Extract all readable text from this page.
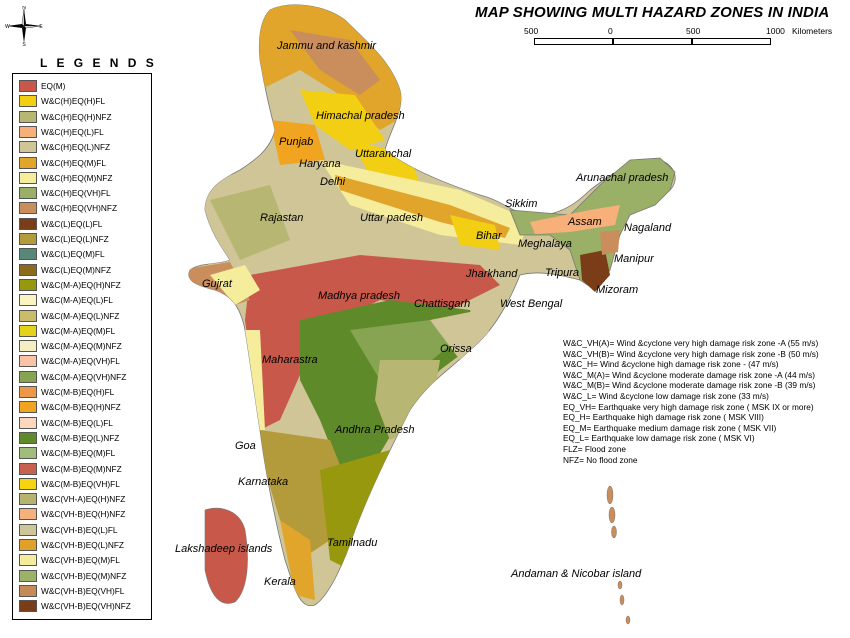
MAP SHOWING MULTI HAZARD ZONES IN INDIA
N
E
S
W	500	0	500	1000 Kilometers
L E G E N D S
EQ(M)
W&C(H)EQ(H)FL
W&C(H)EQ(H)NFZ
W&C(H)EQ(L)FL
W&C(H)EQ(L)NFZ
W&C(H)EQ(M)FL
W&C(H)EQ(M)NFZ
W&C(H)EQ(VH)FL
W&C(H)EQ(VH)NFZ
W&C(L)EQ(L)FL
W&C(L)EQ(L)NFZ
W&C(L)EQ(M)FL
W&C(L)EQ(M)NFZ
W&C(M-A)EQ(H)NFZ
W&C(M-A)EQ(L)FL
W&C(M-A)EQ(L)NFZ
W&C(M-A)EQ(M)FL
W&C(M-A)EQ(M)NFZ
W&C(M-A)EQ(VH)FL
W&C(M-A)EQ(VH)NFZ
W&C(M-B)EQ(H)FL
W&C(M-B)EQ(H)NFZ
W&C(M-B)EQ(L)FL
W&C(M-B)EQ(L)NFZ
W&C(M-B)EQ(M)FL
W&C(M-B)EQ(M)NFZ
W&C(M-B)EQ(VH)FL
W&C(VH-A)EQ(H)NFZ
W&C(VH-B)EQ(H)NFZ
W&C(VH-B)EQ(L)FL
W&C(VH-B)EQ(L)NFZ
W&C(VH-B)EQ(M)FL
W&C(VH-B)EQ(M)NFZ
W&C(VH-B)EQ(VH)FL
W&C(VH-B)EQ(VH)NFZ
Jammu and kashmir
Himachal pradesh
Punjab
Haryana
Uttaranchal
Delhi
Rajastan	Uttar padesh
Sikkim
Arunachal pradesh
Bihar
Assam Nagaland
Meghalaya
Manipur
Tripura
Mizoram
Jharkhand
Gujrat
Madhya pradesh
Chattisgarh	West Bengal
Maharastra
Orissa
Andhra Pradesh
Goa
Karnataka
Tamilnadu
Lakshadeep islands
Kerala
Andaman & Nicobar island
W&C_VH(A)= Wind &cyclone very high damage risk zone -A (55 m/s)
W&C_VH(B)= Wind &cyclone very high damage risk zone -B (50 m/s)
W&C_H= Wind &cyclone high damage risk zone - (47 m/s)
W&C_M(A)= Wind &cyclone moderate damage risk zone -A (44 m/s)
W&C_M(B)= Wind &cyclone moderate damage risk zone -B (39 m/s)
W&C_L= Wind &cyclone low damage risk zone (33 m/s)
EQ_VH= Earthquake very high damage risk zone ( MSK IX or more)
EQ_H= Earthquake high damage risk zone ( MSK VIII)
EQ_M= Earthquake medium damage risk zone ( MSK VII)
EQ_L= Earthquake low damage risk zone ( MSK VI)
FLZ= Flood zone
NFZ= No flood zone
